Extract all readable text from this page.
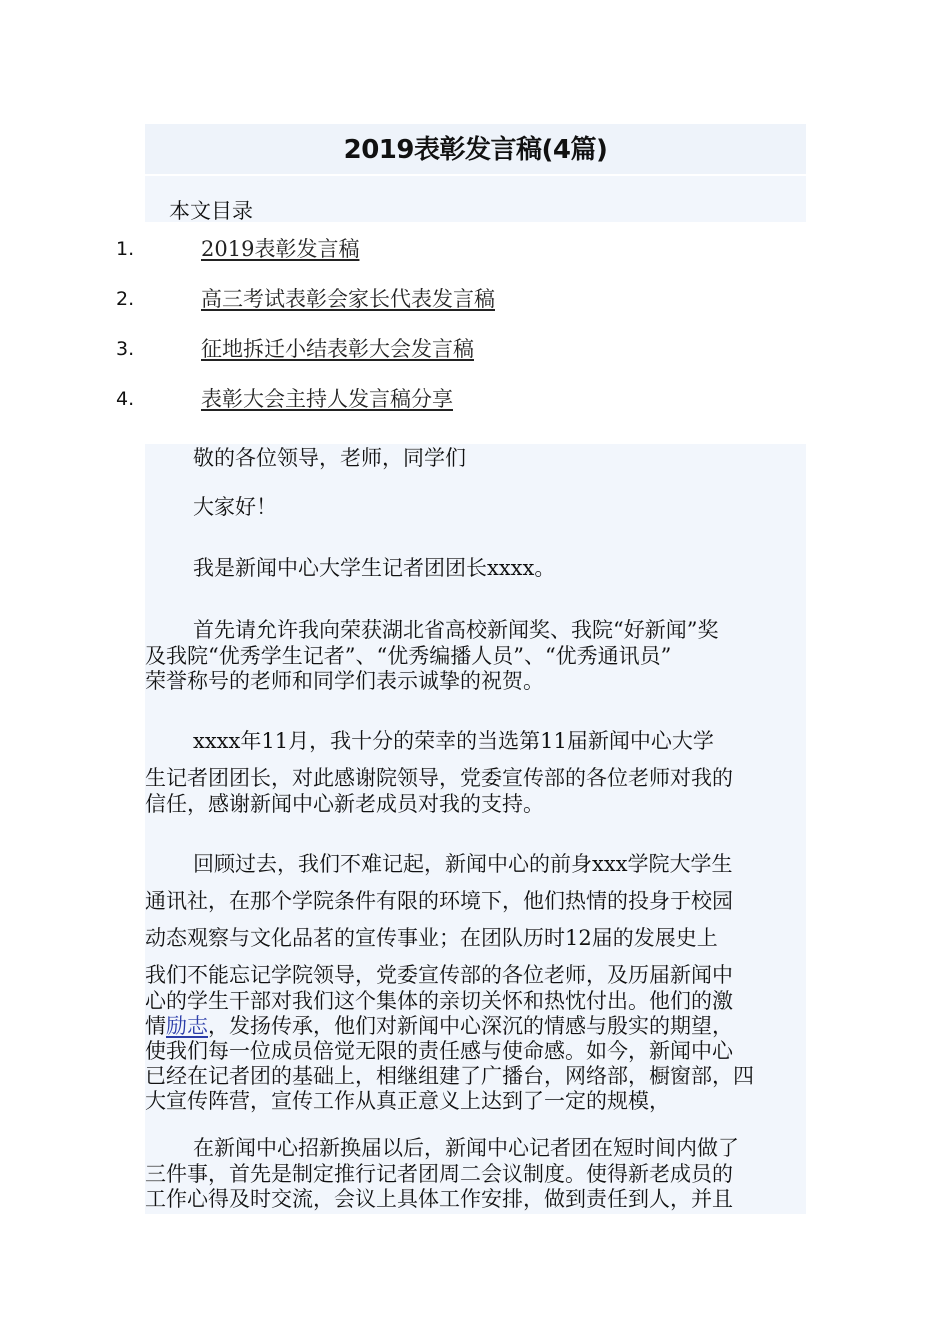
2019表彰发言稿(4篇)
本文目录
1.	2019表彰发言稿
2.	高三考试表彰会家长代表发言稿
3.	征地拆迁小结表彰大会发言稿
4.	表彰大会主持人发言稿分享
敬的各位领导，老师，同学们
大家好！
我是新闻中心大学生记者团团长xxxx。
首先请允许我向荣获湖北省高校新闻奖、我院“好新闻”奖
及我院“优秀学生记者”、“优秀编播人员”、“优秀通讯员”
荣誉称号的老师和同学们表示诚挚的祝贺。
xxxx年11月，我十分的荣幸的当选第11届新闻中心大学
生记者团团长，对此感谢院领导，党委宣传部的各位老师对我的
信任，感谢新闻中心新老成员对我的支持。
回顾过去，我们不难记起，新闻中心的前身xxx学院大学生
通讯社，在那个学院条件有限的环境下，他们热情的投身于校园
动态观察与文化品茗的宣传事业；在团队历时12届的发展史上
我们不能忘记学院领导，党委宣传部的各位老师，及历届新闻中
心的学生干部对我们这个集体的亲切关怀和热忱付出。他们的激
情励志，发扬传承，他们对新闻中心深沉的情感与殷实的期望，
使我们每一位成员倍觉无限的责任感与使命感。如今，新闻中心
已经在记者团的基础上，相继组建了广播台，网络部，橱窗部，四
大宣传阵营，宣传工作从真正意义上达到了一定的规模，
在新闻中心招新换届以后，新闻中心记者团在短时间内做了
三件事，首先是制定推行记者团周二会议制度。使得新老成员的
工作心得及时交流，会议上具体工作安排，做到责任到人，并且
